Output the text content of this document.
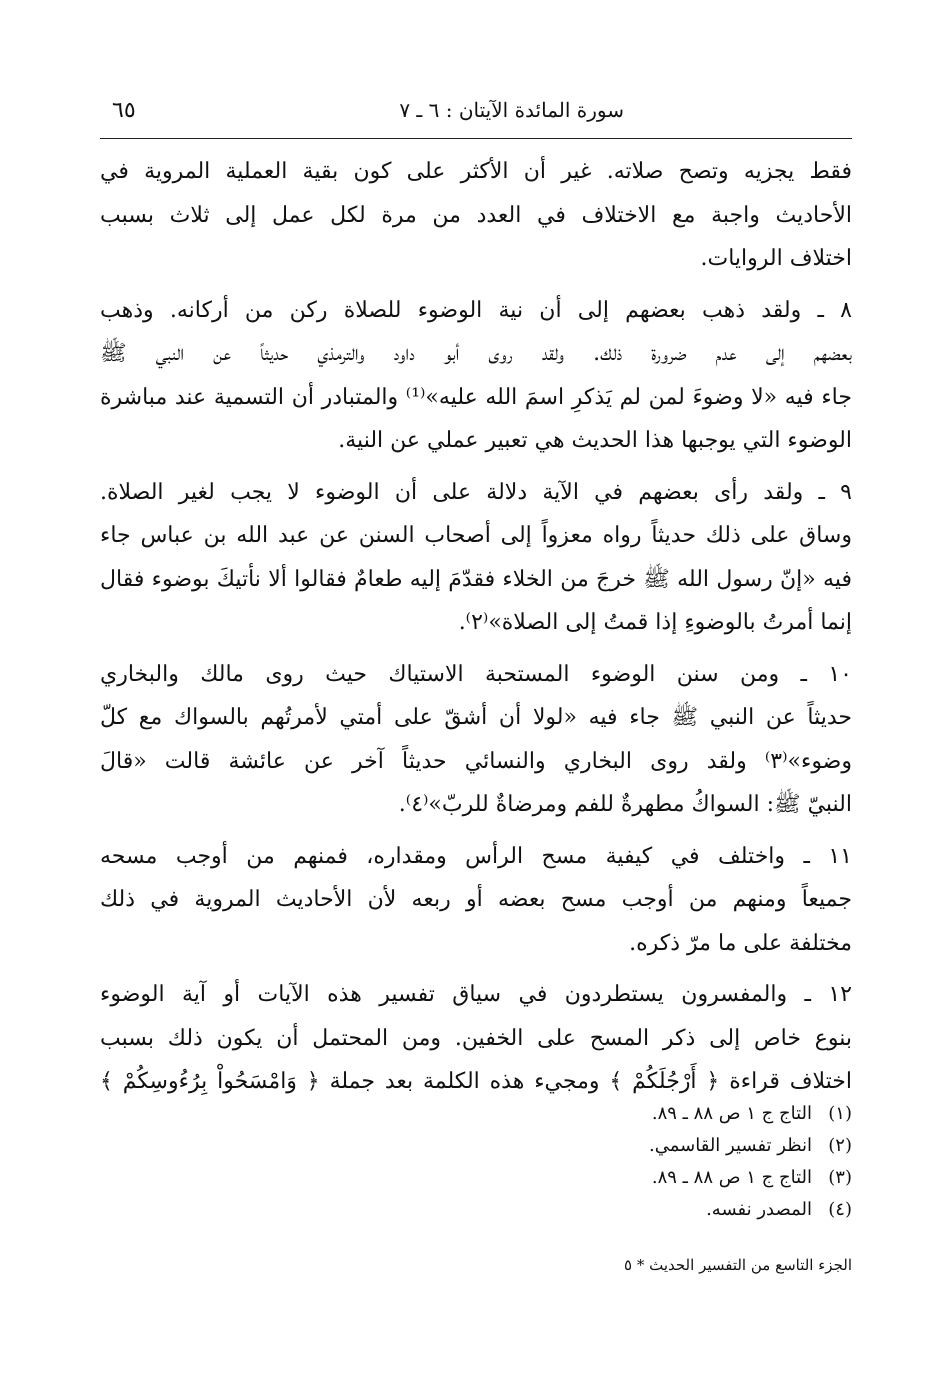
سورة المائدة الآيتان : ٦ ـ ٧
٦٥
فقط يجزيه وتصح صلاته. غير أن الأكثر على كون بقية العملية المروية في
الأحاديث واجبة مع الاختلاف في العدد من مرة لكل عمل إلى ثلاث بسبب
اختلاف الروايات.
٨ ـ ولقد ذهب بعضهم إلى أن نية الوضوء للصلاة ركن من أركانه. وذهب
بعضهم إلى عدم ضرورة ذلك. ولقد روى أبو داود والترمذي حديثاً عن النبي ﷺ
جاء فيه «لا وضوءَ لمن لم يَذكرِ اسمَ الله عليه»⁽¹⁾ والمتبادر أن التسمية عند مباشرة
الوضوء التي يوجبها هذا الحديث هي تعبير عملي عن النية.
٩ ـ ولقد رأى بعضهم في الآية دلالة على أن الوضوء لا يجب لغير الصلاة.
وساق على ذلك حديثاً رواه معزواً إلى أصحاب السنن عن عبد الله بن عباس جاء
فيه «إنّ رسول الله ﷺ خرجَ من الخلاء فقدّمَ إليه طعامٌ فقالوا ألا نأتيكَ بوضوء فقال
إنما أمرتُ بالوضوءِ إذا قمتُ إلى الصلاة»⁽٢⁾.
١٠ ـ ومن سنن الوضوء المستحبة الاستياك حيث روى مالك والبخاري
حديثاً عن النبي ﷺ جاء فيه «لولا أن أشقّ على أمتي لأمرتُهم بالسواك مع كلّ
وضوء»⁽٣⁾ ولقد روى البخاري والنسائي حديثاً آخر عن عائشة قالت «قالَ
النبيّ ﷺ: السواكُ مطهرةٌ للفم ومرضاةٌ للربّ»⁽٤⁾.
١١ ـ واختلف في كيفية مسح الرأس ومقداره، فمنهم من أوجب مسحه
جميعاً ومنهم من أوجب مسح بعضه أو ربعه لأن الأحاديث المروية في ذلك
مختلفة على ما مرّ ذكره.
١٢ ـ والمفسرون يستطردون في سياق تفسير هذه الآيات أو آية الوضوء
بنوع خاص إلى ذكر المسح على الخفين. ومن المحتمل أن يكون ذلك بسبب
اختلاف قراءة ﴿ أَرْجُلَكُمْ ﴾ ومجيء هذه الكلمة بعد جملة ﴿ وَامْسَحُواْ بِرُءُوسِكُمْ ﴾
(١)التاج ج ١ ص ٨٨ ـ ٨٩.
(٢)انظر تفسير القاسمي.
(٣)التاج ج ١ ص ٨٨ ـ ٨٩.
(٤)المصدر نفسه.
الجزء التاسع من التفسير الحديث * ٥
